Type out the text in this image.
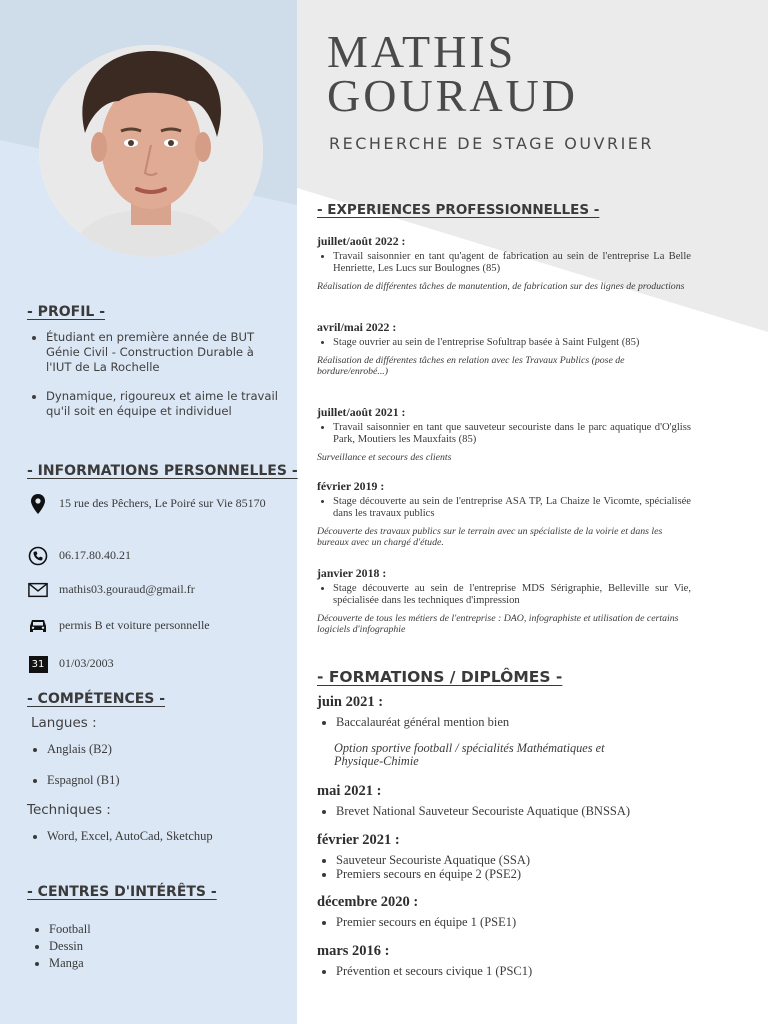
- PROFIL -
• Étudiant en première année de BUT Génie Civil - Construction Durable à l'IUT de La Rochelle
• Dynamique, rigoureux et aime le travail qu'il soit en équipe et individuel
- INFORMATIONS PERSONNELLES -
15 rue des Pêchers, Le Poiré sur Vie 85170
06.17.80.40.21
mathis03.gouraud@gmail.fr
permis B et voiture personnelle
31 01/03/2003
- COMPÉTENCES -
Langues :
• Anglais (B2)
• Espagnol (B1)
Techniques :
• Word, Excel, AutoCad, Sketchup
- CENTRES D'INTÉRÊTS -
• Football
• Dessin
• Manga
MATHIS
GOURAUD
RECHERCHE DE STAGE OUVRIER
- EXPERIENCES PROFESSIONNELLES -
juillet/août 2022 :
• Travail saisonnier en tant qu'agent de fabrication au sein de l'entreprise La Belle Henriette, Les Lucs sur Boulognes (85)
Réalisation de différentes tâches de manutention, de fabrication sur des lignes de productions
avril/mai 2022 :
• Stage ouvrier au sein de l'entreprise Sofultrap basée à Saint Fulgent (85)
Réalisation de différentes tâches en relation avec les Travaux Publics (pose de bordure/enrobé...)
juillet/août 2021 :
• Travail saisonnier en tant que sauveteur secouriste dans le parc aquatique d'O'gliss Park, Moutiers les Mauxfaits (85)
Surveillance et secours des clients
février 2019 :
• Stage découverte au sein de l'entreprise ASA TP, La Chaize le Vicomte, spécialisée dans les travaux publics
Découverte des travaux publics sur le terrain avec un spécialiste de la voirie et dans les bureaux avec un chargé d'étude.
janvier 2018 :
• Stage découverte au sein de l'entreprise MDS Sérigraphie, Belleville sur Vie, spécialisée dans les techniques d'impression
Découverte de tous les métiers de l'entreprise : DAO, infographiste et utilisation de certains logiciels d'infographie
- FORMATIONS / DIPLÔMES -
juin 2021 :
• Baccalauréat général mention bien
Option sportive football / spécialités Mathématiques et Physique-Chimie
mai 2021 :
• Brevet National Sauveteur Secouriste Aquatique (BNSSA)
février 2021 :
• Sauveteur Secouriste Aquatique (SSA)
• Premiers secours en équipe 2 (PSE2)
décembre 2020 :
• Premier secours en équipe 1 (PSE1)
mars 2016 :
• Prévention et secours civique 1 (PSC1)
